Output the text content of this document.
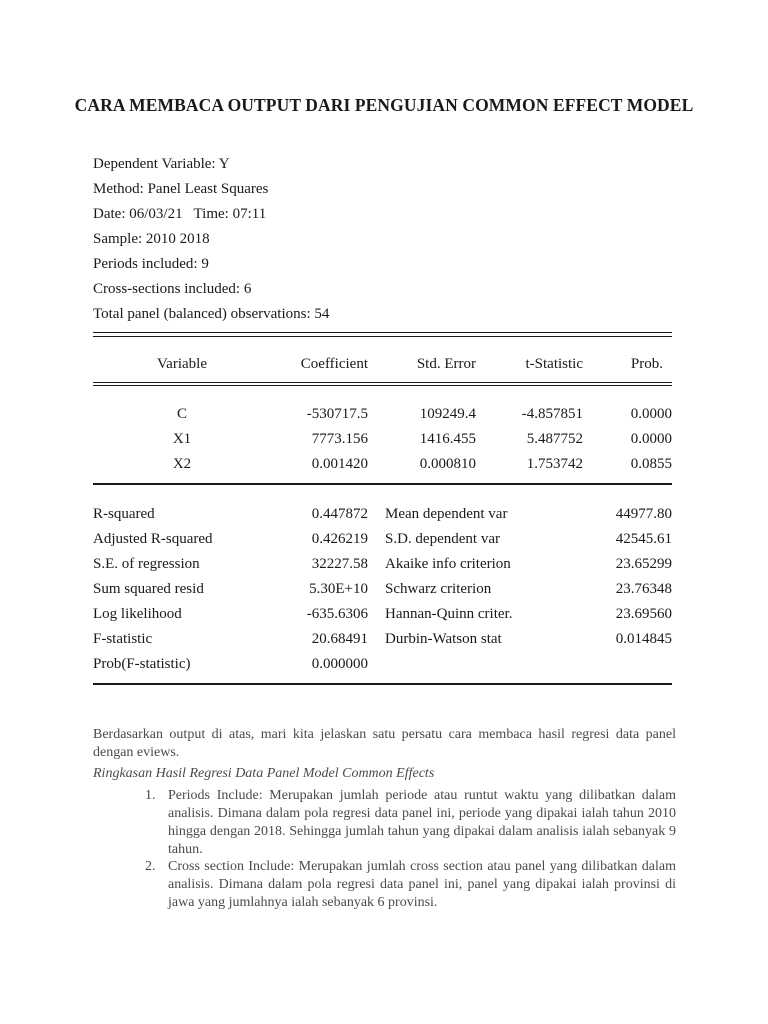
CARA MEMBACA OUTPUT DARI PENGUJIAN COMMON EFFECT MODEL
Dependent Variable: Y
Method: Panel Least Squares
Date: 06/03/21   Time: 07:11
Sample: 2010 2018
Periods included: 9
Cross-sections included: 6
Total panel (balanced) observations: 54
Variable	Coefficient	Std. Error	t-Statistic	Prob.
C	-530717.5	109249.4	-4.857851	0.0000
X1	7773.156	1416.455	5.487752	0.0000
X2	0.001420	0.000810	1.753742	0.0855
R-squared	0.447872 Mean dependent var	44977.80
Adjusted R-squared	0.426219 S.D. dependent var	42545.61
S.E. of regression	32227.58 Akaike info criterion	23.65299
Sum squared resid	5.30E+10 Schwarz criterion	23.76348
Log likelihood	-635.6306 Hannan-Quinn criter.	23.69560
F-statistic	20.68491 Durbin-Watson stat	0.014845
Prob(F-statistic)	0.000000
Berdasarkan output di atas, mari kita jelaskan satu persatu cara membaca hasil regresi data panel dengan eviews.
Ringkasan Hasil Regresi Data Panel Model Common Effects
1. Periods Include: Merupakan jumlah periode atau runtut waktu yang dilibatkan dalam analisis. Dimana dalam pola regresi data panel ini, periode yang dipakai ialah tahun 2010 hingga dengan 2018. Sehingga jumlah tahun yang dipakai dalam analisis ialah sebanyak 9 tahun.
2. Cross section Include: Merupakan jumlah cross section atau panel yang dilibatkan dalam analisis. Dimana dalam pola regresi data panel ini, panel yang dipakai ialah provinsi di jawa yang jumlahnya ialah sebanyak 6 provinsi.
